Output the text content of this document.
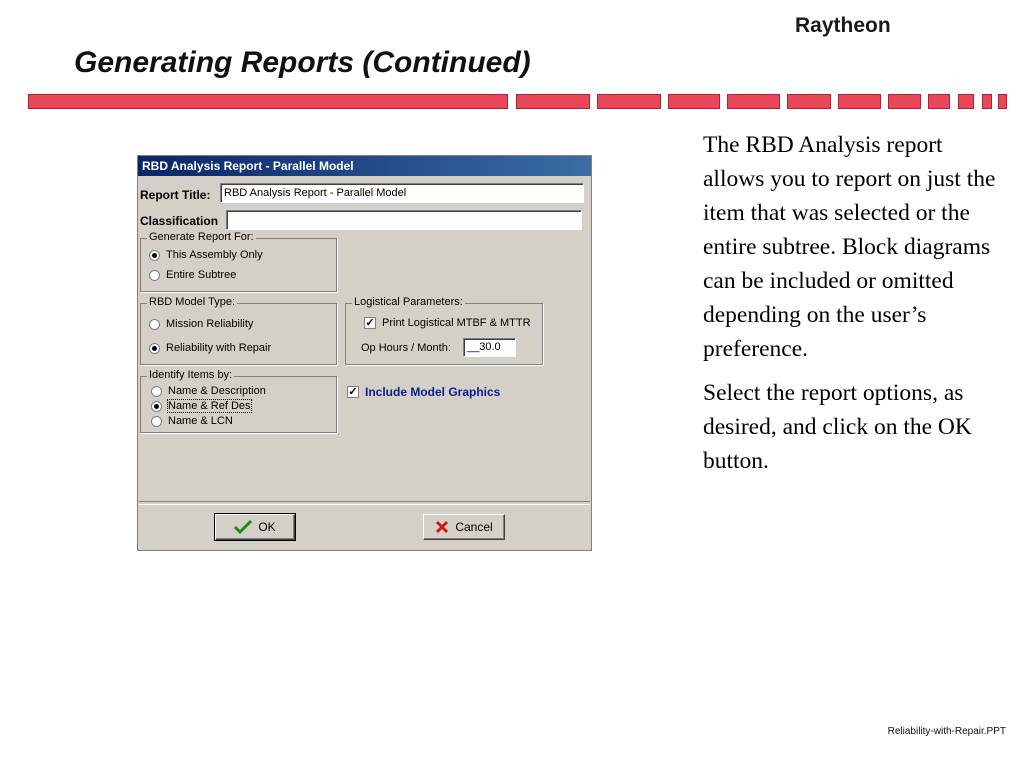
Raytheon
Generating Reports (Continued)

The RBD Analysis report allows you to report on just the item that was selected or the entire subtree. Block diagrams can be included or omitted depending on the user’s preference.

Select the report options, as desired, and click on the OK button.

Reliability-with-Repair.PPT
RBD Analysis Report - Parallel Model
Report Title:	RBD Analysis Report - Parallel Model
Classification
Generate Report For:
This Assembly Only
Entire Subtree
RBD Model Type:
Mission Reliability
Reliability with Repair
Logistical Parameters:
✓ Print Logistical MTBF & MTTR
Op Hours / Month:	__30.0
Identify Items by:
Name & Description
Name & Ref Des
Name & LCN
✓ Include Model Graphics
OK	Cancel
